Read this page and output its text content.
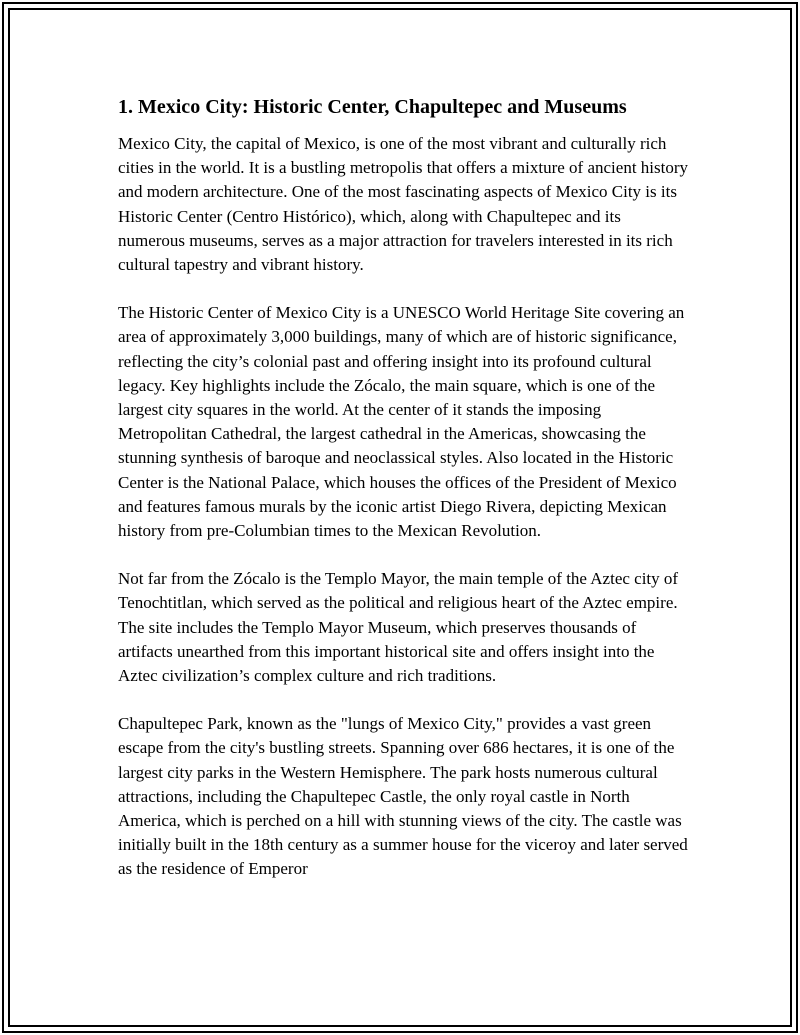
1. Mexico City: Historic Center, Chapultepec and Museums

Mexico City, the capital of Mexico, is one of the most vibrant and culturally rich cities in the world. It is a bustling metropolis that offers a mixture of ancient history and modern architecture. One of the most fascinating aspects of Mexico City is its Historic Center (Centro Histórico), which, along with Chapultepec and its numerous museums, serves as a major attraction for travelers interested in its rich cultural tapestry and vibrant history.

The Historic Center of Mexico City is a UNESCO World Heritage Site covering an area of approximately 3,000 buildings, many of which are of historic significance, reflecting the city’s colonial past and offering insight into its profound cultural legacy. Key highlights include the Zócalo, the main square, which is one of the largest city squares in the world. At the center of it stands the imposing Metropolitan Cathedral, the largest cathedral in the Americas, showcasing the stunning synthesis of baroque and neoclassical styles. Also located in the Historic Center is the National Palace, which houses the offices of the President of Mexico and features famous murals by the iconic artist Diego Rivera, depicting Mexican history from pre-Columbian times to the Mexican Revolution.

Not far from the Zócalo is the Templo Mayor, the main temple of the Aztec city of Tenochtitlan, which served as the political and religious heart of the Aztec empire. The site includes the Templo Mayor Museum, which preserves thousands of artifacts unearthed from this important historical site and offers insight into the Aztec civilization’s complex culture and rich traditions.

Chapultepec Park, known as the "lungs of Mexico City," provides a vast green escape from the city's bustling streets. Spanning over 686 hectares, it is one of the largest city parks in the Western Hemisphere. The park hosts numerous cultural attractions, including the Chapultepec Castle, the only royal castle in North America, which is perched on a hill with stunning views of the city. The castle was initially built in the 18th century as a summer house for the viceroy and later served as the residence of Emperor
